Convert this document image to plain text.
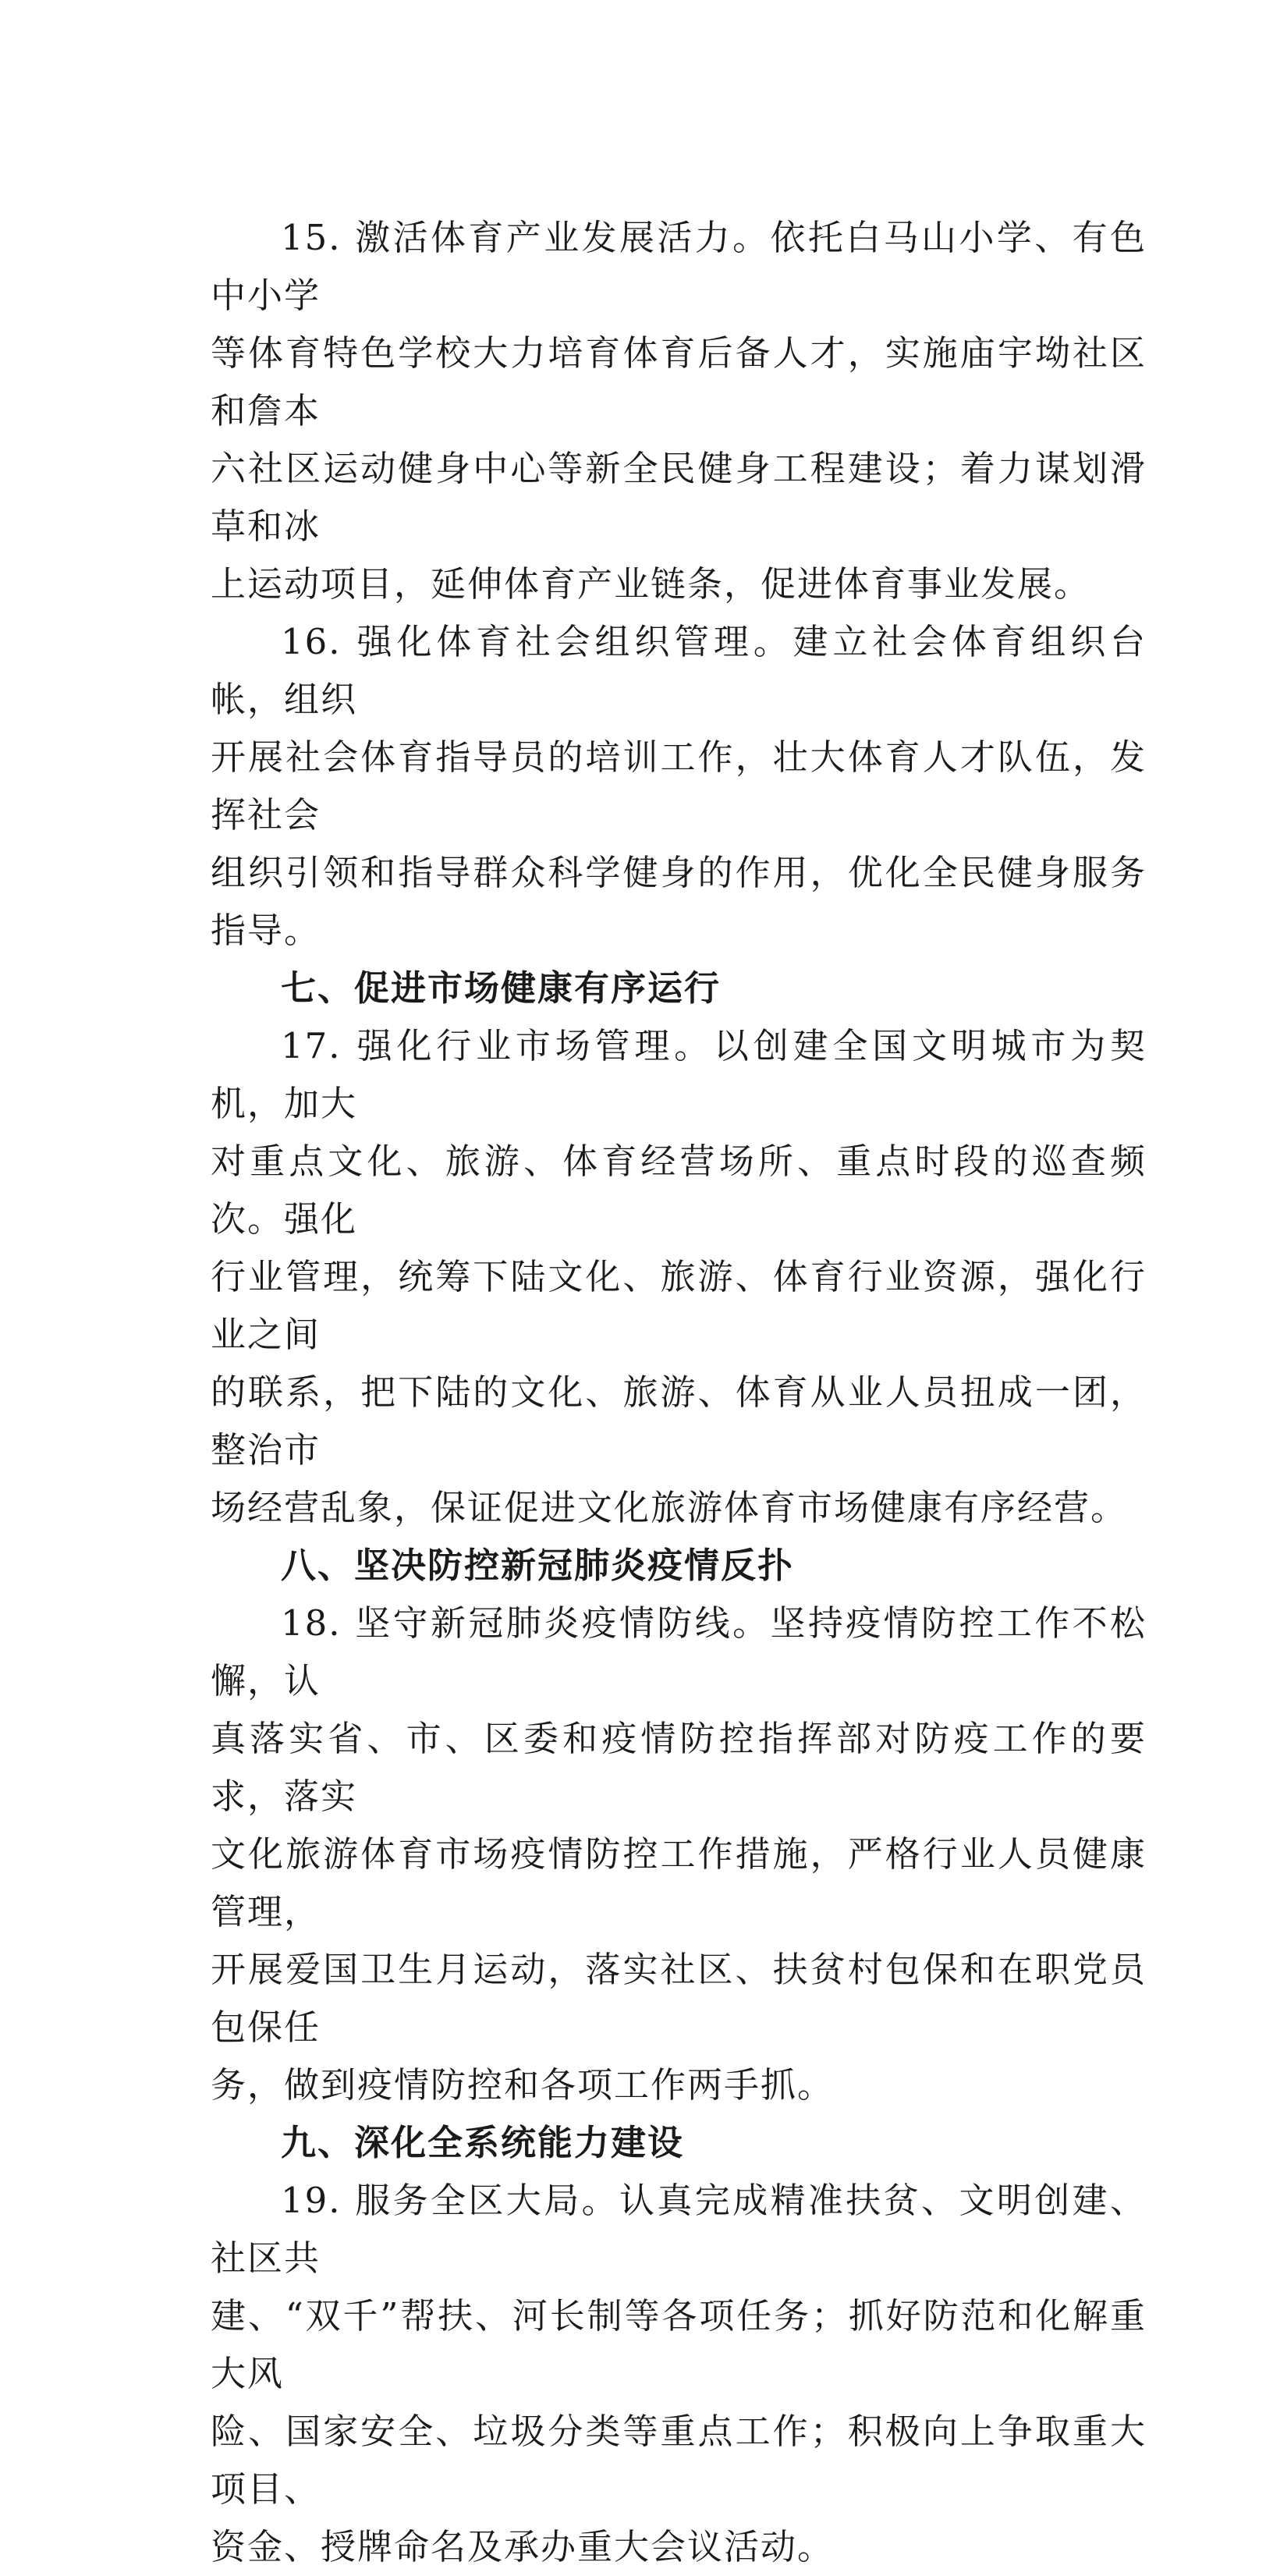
15. 激活体育产业发展活力。依托白马山小学、有色中小学
等体育特色学校大力培育体育后备人才，实施庙宇坳社区和詹本
六社区运动健身中心等新全民健身工程建设；着力谋划滑草和冰
上运动项目，延伸体育产业链条，促进体育事业发展。
16. 强化体育社会组织管理。建立社会体育组织台帐，组织
开展社会体育指导员的培训工作，壮大体育人才队伍，发挥社会
组织引领和指导群众科学健身的作用，优化全民健身服务指导。
七、促进市场健康有序运行
17. 强化行业市场管理。以创建全国文明城市为契机，加大
对重点文化、旅游、体育经营场所、重点时段的巡查频次。强化
行业管理，统筹下陆文化、旅游、体育行业资源，强化行业之间
的联系，把下陆的文化、旅游、体育从业人员扭成一团，整治市
场经营乱象，保证促进文化旅游体育市场健康有序经营。
八、坚决防控新冠肺炎疫情反扑
18. 坚守新冠肺炎疫情防线。坚持疫情防控工作不松懈，认
真落实省、市、区委和疫情防控指挥部对防疫工作的要求，落实
文化旅游体育市场疫情防控工作措施，严格行业人员健康管理，
开展爱国卫生月运动，落实社区、扶贫村包保和在职党员包保任
务，做到疫情防控和各项工作两手抓。
九、深化全系统能力建设
19. 服务全区大局。认真完成精准扶贫、文明创建、社区共
建、“双千”帮扶、河长制等各项任务；抓好防范和化解重大风
险、国家安全、垃圾分类等重点工作；积极向上争取重大项目、
资金、授牌命名及承办重大会议活动。
